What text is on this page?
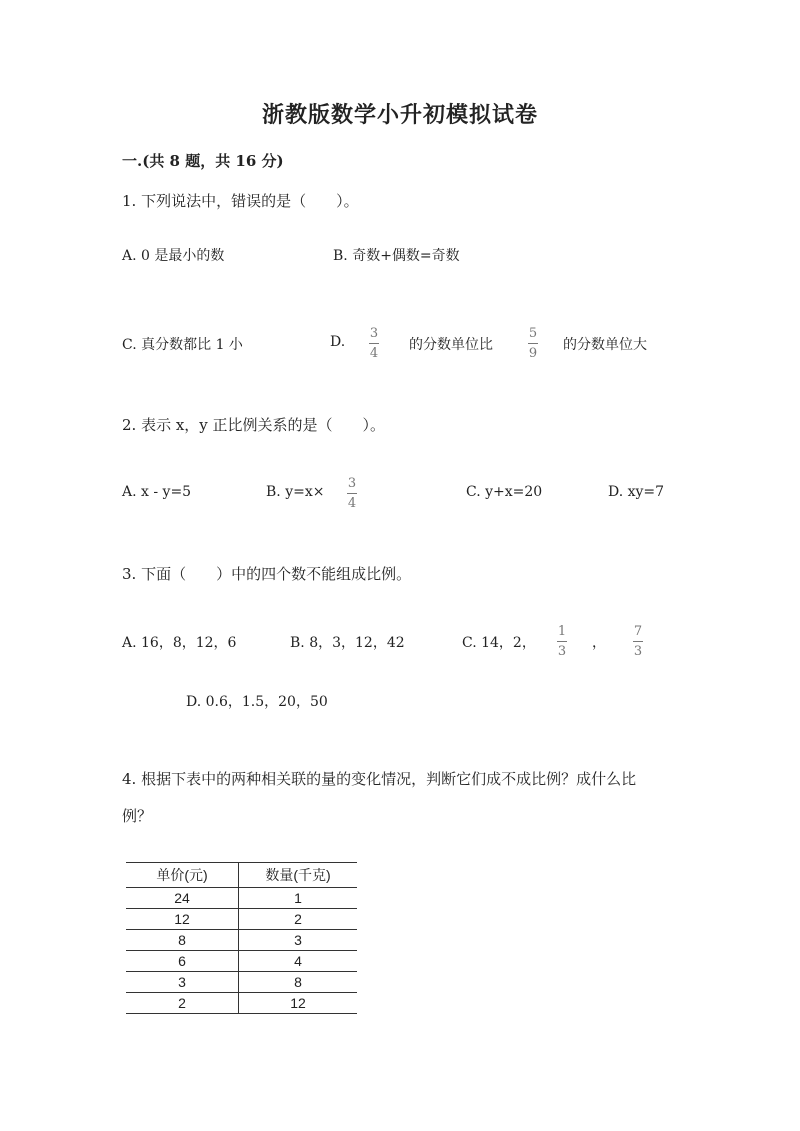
浙教版数学小升初模拟试卷
一.(共 8 题，共 16 分)
1. 下列说法中，错误的是（　　）。
A. 0 是最小的数	B. 奇数+偶数=奇数
C. 真分数都比 1 小	D.
3
4
的分数单位比
5
9
的分数单位大
2. 表示 x，y 正比例关系的是（　　）。
A. x - y=5	B. y=x×
3
4
C. y+x=20	D. xy=7
3. 下面（　　）中的四个数不能组成比例。
A. 16，8，12，6	B. 8，3，12，42	C. 14，2，
1
3
，
7
3
D. 0.6，1.5，20，50
4. 根据下表中的两种相关联的量的变化情况，判断它们成不成比例？成什么比
例？
单价(元)	数量(千克)
24	1
12	2
8	3
6	4
3	8
2	12
